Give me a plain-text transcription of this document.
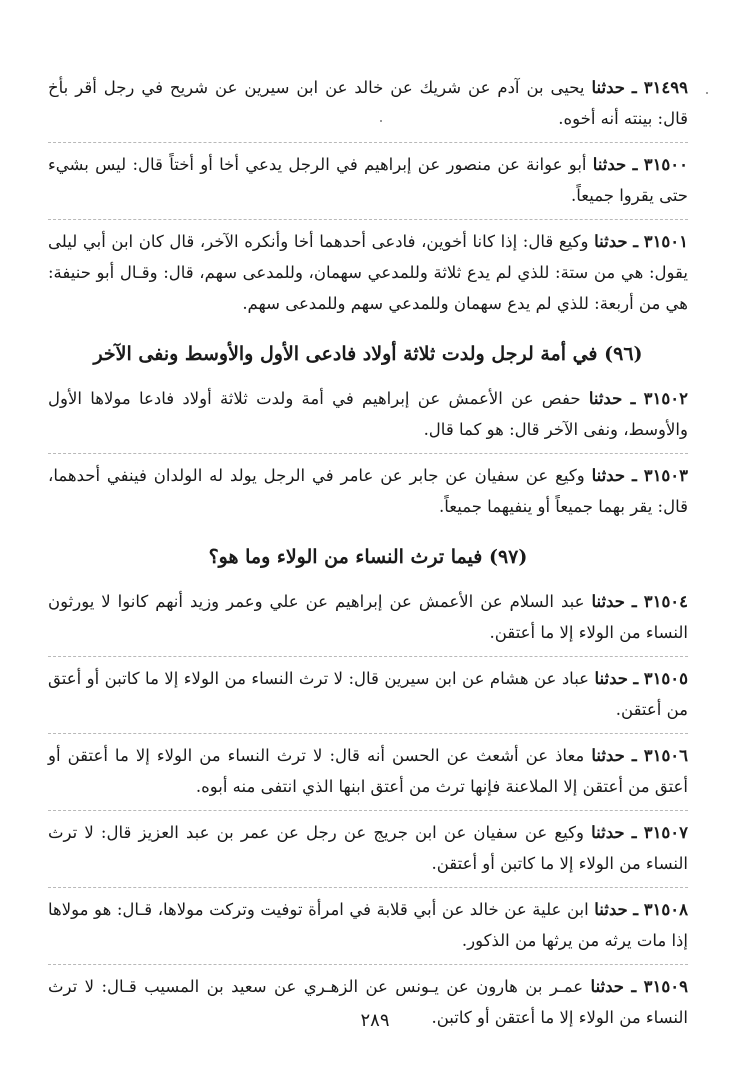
٣١٤٩٩ ـ حدثنا يحيى بن آدم عن شريك عن خالد عن ابن سيرين عن شريح في رجل أقر بأخ قال: بينته أنه أخوه.

٣١٥٠٠ ـ حدثنا أبو عوانة عن منصور عن إبراهيم في الرجل يدعي أخا أو أختاً قال: ليس بشيء حتى يقروا جميعاً.

٣١٥٠١ ـ حدثنا وكيع قال: إذا كانا أخوين، فادعى أحدهما أخا وأنكره الآخر، قال كان ابن أبي ليلى يقول: هي من ستة: للذي لم يدع ثلاثة وللمدعي سهمان، وللمدعى سهم، قال: وقـال أبو حنيفة: هي من أربعة: للذي لم يدع سهمان وللمدعي سهم وللمدعى سهم.

(٩٦) في أمة لرجل ولدت ثلاثة أولاد فادعى الأول والأوسط ونفى الآخر

٣١٥٠٢ ـ حدثنا حفص عن الأعمش عن إبراهيم في أمة ولدت ثلاثة أولاد فادعا مولاها الأول والأوسط، ونفى الآخر قال: هو كما قال.

٣١٥٠٣ ـ حدثنا وكيع عن سفيان عن جابر عن عامر في الرجل يولد له الولدان فينفي أحدهما، قال: يقر بهما جميعاً أو ينفيهما جميعاً.

(٩٧) فيما ترث النساء من الولاء وما هو؟

٣١٥٠٤ ـ حدثنا عبد السلام عن الأعمش عن إبراهيم عن علي وعمر وزيد أنهم كانوا لا يورثون النساء من الولاء إلا ما أعتقن.

٣١٥٠٥ ـ حدثنا عباد عن هشام عن ابن سيرين قال: لا ترث النساء من الولاء إلا ما كاتبن أو أعتق من أعتقن.

٣١٥٠٦ ـ حدثنا معاذ عن أشعث عن الحسن أنه قال: لا ترث النساء من الولاء إلا ما أعتقن أو أعتق من أعتقن إلا الملاعنة فإنها ترث من أعتق ابنها الذي انتفى منه أبوه.

٣١٥٠٧ ـ حدثنا وكيع عن سفيان عن ابن جريج عن رجل عن عمر بن عبد العزيز قال: لا ترث النساء من الولاء إلا ما كاتبن أو أعتقن.

٣١٥٠٨ ـ حدثنا ابن علية عن خالد عن أبي قلابة في امرأة توفيت وتركت مولاها، قـال: هو مولاها إذا مات يرثه من يرثها من الذكور.

٣١٥٠٩ ـ حدثنا عمـر بن هارون عن يـونس عن الزهـري عن سعيد بن المسيب قـال: لا ترث النساء من الولاء إلا ما أعتقن أو كاتبن.

٢٨٩
